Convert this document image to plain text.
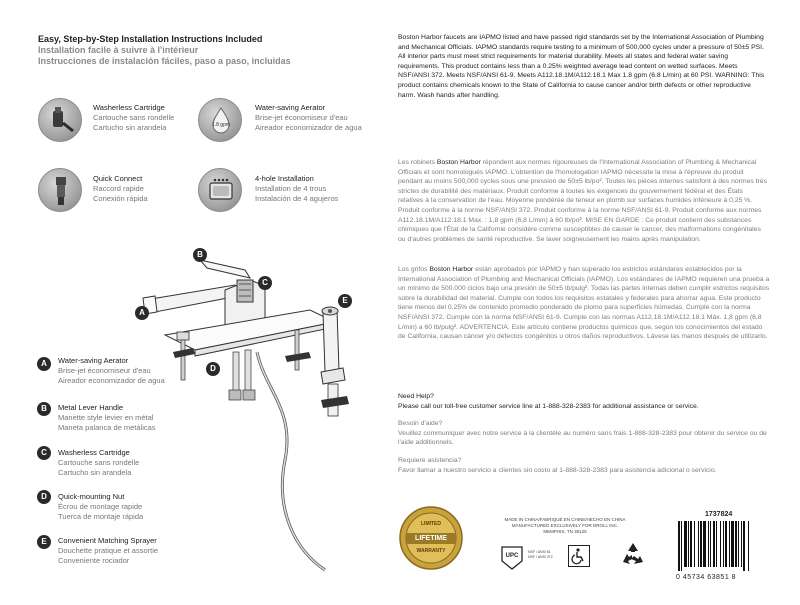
Easy, Step-by-Step Installation Instructions Included
Installation facile à suivre à l'intérieur
Instrucciones de instalación fáciles, paso a paso, incluidas
Washerless Cartridge
Cartouche sans rondelle
Cartucho sin arandela	1.8 gpm
Water-saving Aerator
Brise-jet économiseur d'eau
Aireador economizador de agua
Quick Connect
Raccord rapide
Conexión rápida
4-hole Installation
Installation de 4 trous
Instalación de 4 agujeros
B
C
A
E
D
A	Water-saving Aerator
Brise-jet économiseur d'eau
Aireador economizador de agua
B	Metal Lever Handle
Manette style levier en métal
Maneta palanca de metálicas
C	Washerless Cartridge
Cartouche sans rondelle
Cartucho sin arandela
D	Quick-mounting Nut
Écrou de montage rapide
Tuerca de montaje rápida
E	Convenient Matching Sprayer
Douchette pratique et assortie
Conveniente rociador
Boston Harbor faucets are IAPMO listed and have passed rigid standards set by the International Association of Plumbing and Mechanical Officials. IAPMO standards require testing to a minimum of 500,000 cycles under a pressure of 50±5 PSI. All interior parts must meet strict requirements for material durability. Meets all states and federal water saving requirements. This product contains less than a 0.25% weighted average lead content on wetted surfaces. Meets NSF/ANSI 372. Meets NSF/ANSI 61-9. Meets A112.18.1M/A112.18.1 Max 1.8 gpm (6.8 L/min) at 60 PSI. WARNING: This product contains chemicals known to the State of California to cause cancer and/or birth defects or other reproductive harm. Wash hands after handling.
Les robinets Boston Harbor répondent aux normes rigoureuses de l'International Association of Plumbing & Mechanical Officials et sont homologués IAPMO. L'obtention de l'homologation IAPMO nécessite la mise à l'épreuve du produit pendant au moins 500,000 cycles sous une pression de 50±5 lb/po². Toutes les pièces internes satisfont à des normes très strictes de durabilité des matériaux. Produit conforme à toutes les exigences du gouvernement fédéral et des États relatives à la conservation de l'eau. Moyenne pondérée de teneur en plomb sur surfaces humides inférieure à 0,25 %. Produit conforme à la norme NSF/ANSI 372. Produit conforme à la norme NSF/ANSI 61-9. Produit conforme aux normes A112.18.1M/A112.18.1 Max. : 1,8 gpm (6,8 L/min) à 60 lb/po². MISE EN GARDE : Ce produit contient des substances chimiques que l'État de la Californie considère comme susceptibles de causer le cancer, des malformations congénitales ou d'autres problèmes de santé reproductive. Se laver soigneusement les mains après manipulation.
Los grifos Boston Harbor están aprobados por IAPMO y han superado los estrictos estándares establecidos por la International Association of Plumbing and Mechanical Officials (IAPMO). Los estándares de IAPMO requieren una prueba a un mínimo de 500.000 ciclos bajo una presión de 50±5 lb/pulg². Todas las partes internas deben cumplir estrictos requisitos sobre la durabilidad del material. Cumple con todos los requisitos estatales y federales para ahorrar agua. Este producto tiene menos del 0.25% de contenido promedio ponderado de plomo para superficies húmedas. Cumple con la norma NSF/ANSI 372. Cumple con la norma NSF/ANSI 61-9. Cumple con las normas A112.18.1M/A112.18.1 Máx. 1,8 gpm (6,8 L/min) a 60 lb/pulg². ADVERTENCIA: Este artículo contiene productos químicos que, según los conocimientos del estado de California, causan cáncer y/o defectos congénitos u otros daños reproductivos. Lávese las manos después de utilizarlo.
Need Help?
Please call our toll-free customer service line at 1-888-328-2383 for additional assistance or service.
Besoin d'aide?
Veuillez communiquer avec notre service à la clientèle au numéro sans frais 1-888-328-2383 pour obtenir du service ou de l'aide additionnels.
Requiere asistencia?
Favor llamar a nuestro servicio a clientes sin costo al 1-888-328-2383 para asistencia adicional o servicio.
LIMITED
LIFETIME
WARRANTY
MADE IN CHINA/FABRIQUÉ EN CHINE/HECHO EN CHINA
MANUFACTURED EXCLUSIVELY FOR DROLL INC.
MEMPHIS, TN 38125
UPC
NSF / ANSI 61 NSF / ANSI 372
1737824
0 45734 63851 8
